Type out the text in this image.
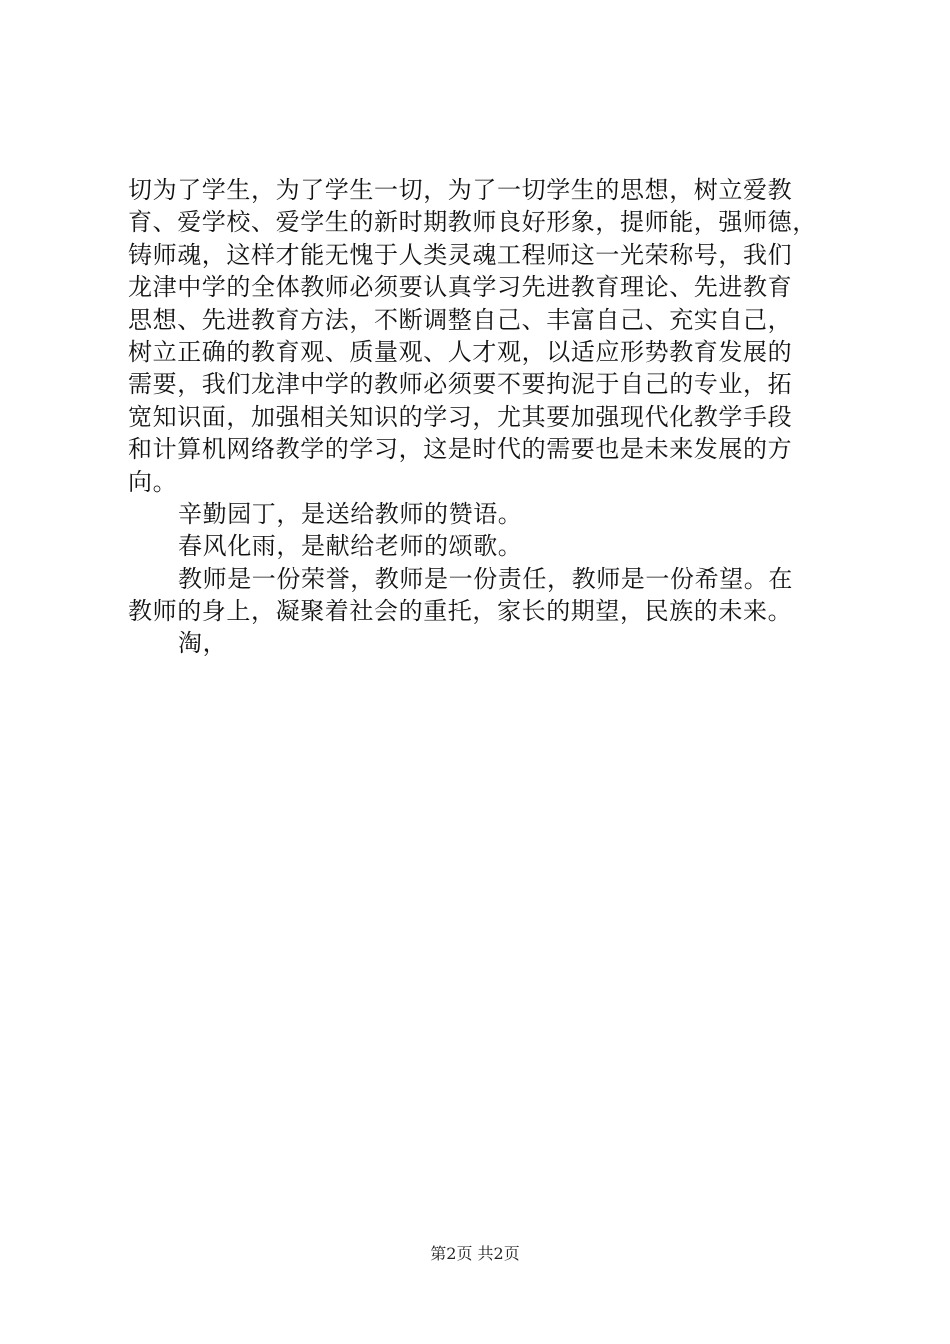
切为了学生，为了学生一切，为了一切学生的思想，树立爱教
育、爱学校、爱学生的新时期教师良好形象，提师能，强师德，
铸师魂，这样才能无愧于人类灵魂工程师这一光荣称号，我们
龙津中学的全体教师必须要认真学习先进教育理论、先进教育
思想、先进教育方法，不断调整自己、丰富自己、充实自己，
树立正确的教育观、质量观、人才观，以适应形势教育发展的
需要，我们龙津中学的教师必须要不要拘泥于自己的专业，拓
宽知识面，加强相关知识的学习，尤其要加强现代化教学手段
和计算机网络教学的学习，这是时代的需要也是未来发展的方
向。
辛勤园丁，是送给教师的赞语。
春风化雨，是献给老师的颂歌。
教师是一份荣誉，教师是一份责任，教师是一份希望。在
教师的身上，凝聚着社会的重托，家长的期望，民族的未来。
淘，
第2页 共2页
